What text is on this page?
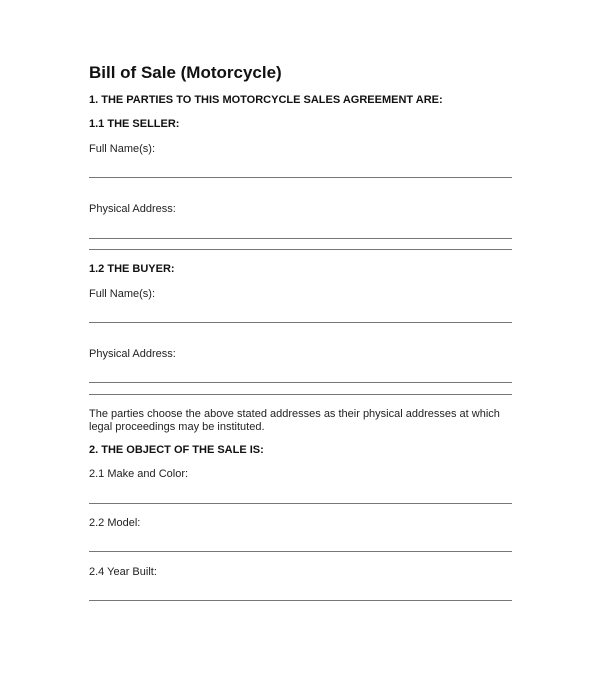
Bill of Sale (Motorcycle)
1. THE PARTIES TO THIS MOTORCYCLE SALES AGREEMENT ARE:
1.1 THE SELLER:
Full Name(s):
Physical Address:
1.2 THE BUYER:
Full Name(s):
Physical Address:
The parties choose the above stated addresses as their physical addresses at which legal proceedings may be instituted.
2. THE OBJECT OF THE SALE IS:
2.1 Make and Color:
2.2 Model:
2.4 Year Built:
